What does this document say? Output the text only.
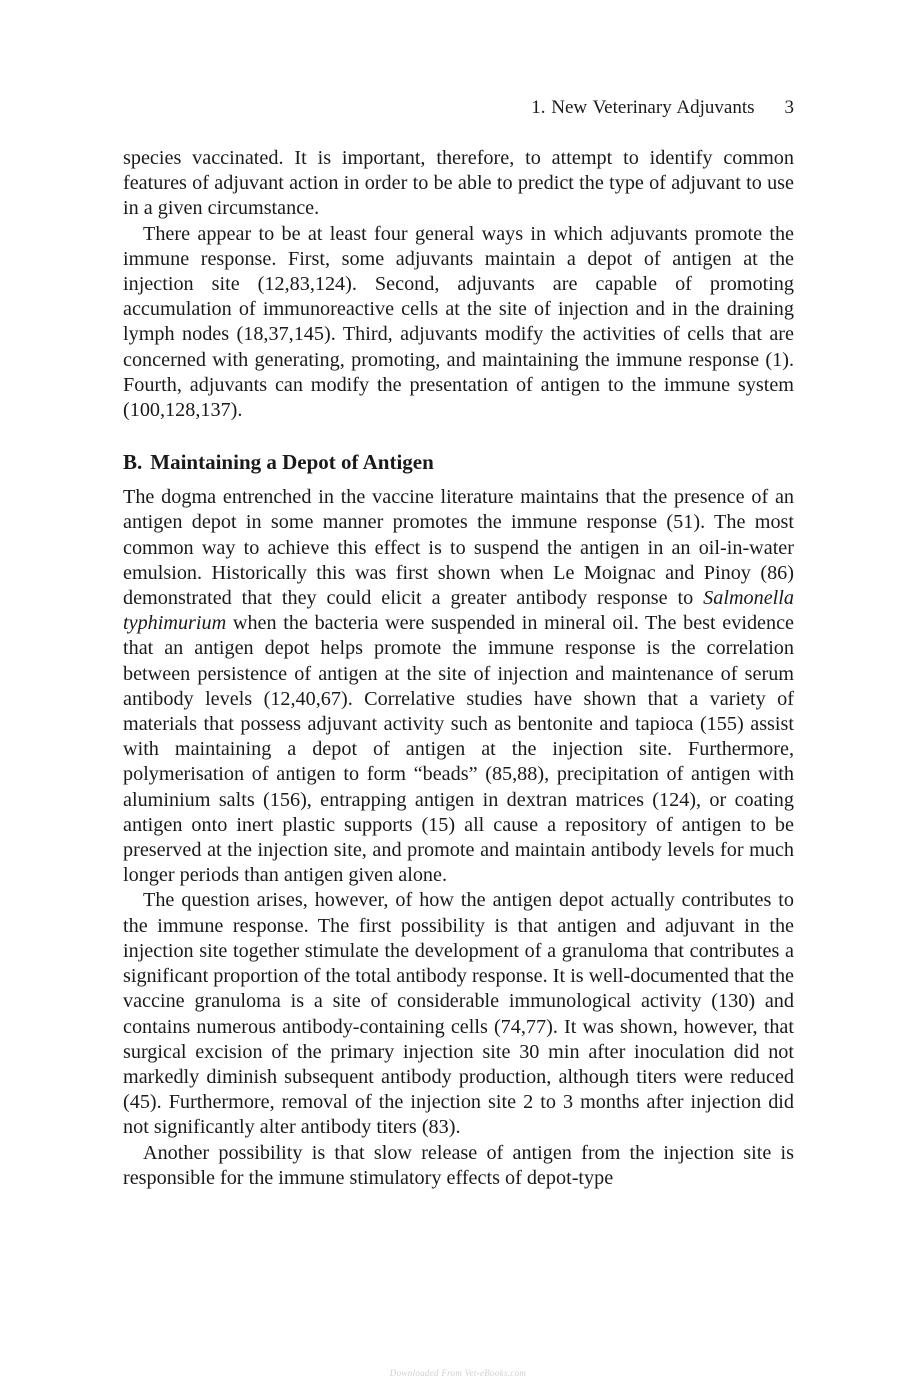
1. New Veterinary Adjuvants 3

species vaccinated. It is important, therefore, to attempt to identify common features of adjuvant action in order to be able to predict the type of adjuvant to use in a given circumstance.

There appear to be at least four general ways in which adjuvants promote the immune response. First, some adjuvants maintain a depot of antigen at the injection site (12,83,124). Second, adjuvants are capable of promoting accumulation of immunoreactive cells at the site of injection and in the draining lymph nodes (18,37,145). Third, adjuvants modify the activities of cells that are concerned with generating, promoting, and maintaining the immune response (1). Fourth, adjuvants can modify the presentation of antigen to the immune system (100,128,137).

B. Maintaining a Depot of Antigen

The dogma entrenched in the vaccine literature maintains that the presence of an antigen depot in some manner promotes the immune response (51). The most common way to achieve this effect is to suspend the antigen in an oil-in-water emulsion. Historically this was first shown when Le Moignac and Pinoy (86) demonstrated that they could elicit a greater antibody response to Salmonella typhimurium when the bacteria were suspended in mineral oil. The best evidence that an antigen depot helps promote the immune response is the correlation between persistence of antigen at the site of injection and maintenance of serum antibody levels (12,40,67). Correlative studies have shown that a variety of materials that possess adjuvant activity such as bentonite and tapioca (155) assist with maintaining a depot of antigen at the injection site. Furthermore, polymerisation of antigen to form “beads” (85,88), precipitation of antigen with aluminium salts (156), entrapping antigen in dextran matrices (124), or coating antigen onto inert plastic supports (15) all cause a repository of antigen to be preserved at the injection site, and promote and maintain antibody levels for much longer periods than antigen given alone.

The question arises, however, of how the antigen depot actually contributes to the immune response. The first possibility is that antigen and adjuvant in the injection site together stimulate the development of a granuloma that contributes a significant proportion of the total antibody response. It is well-documented that the vaccine granuloma is a site of considerable immunological activity (130) and contains numerous antibody-containing cells (74,77). It was shown, however, that surgical excision of the primary injection site 30 min after inoculation did not markedly diminish subsequent antibody production, although titers were reduced (45). Furthermore, removal of the injection site 2 to 3 months after injection did not significantly alter antibody titers (83).

Another possibility is that slow release of antigen from the injection site is responsible for the immune stimulatory effects of depot-type

Downloaded From Vet-eBooks.com
